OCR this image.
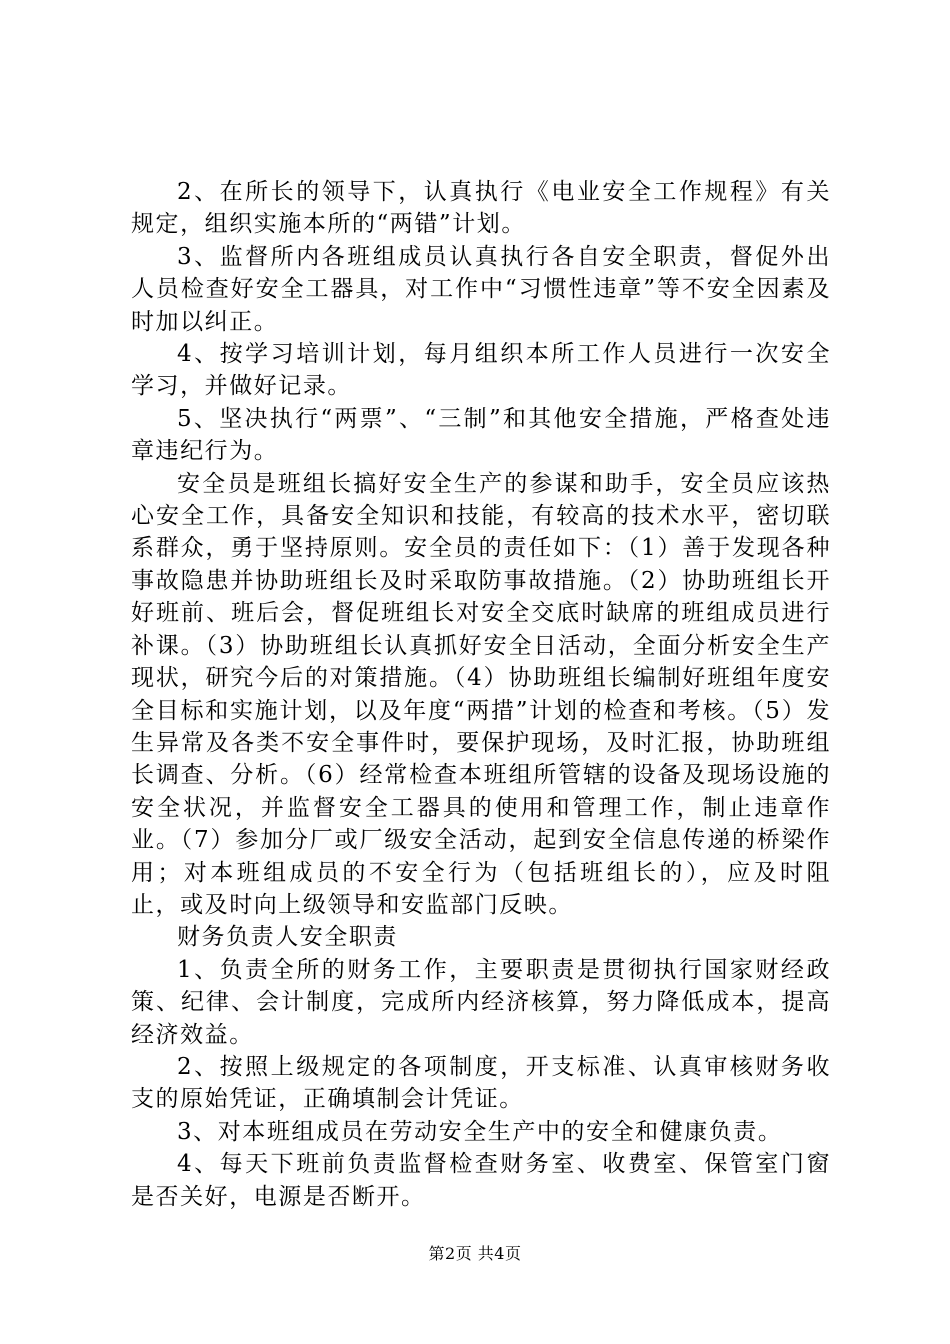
2、在所长的领导下，认真执行《电业安全工作规程》有关规定，组织实施本所的“两错”计划。

3、监督所内各班组成员认真执行各自安全职责，督促外出人员检查好安全工器具，对工作中“习惯性违章”等不安全因素及时加以纠正。

4、按学习培训计划，每月组织本所工作人员进行一次安全学习，并做好记录。

5、坚决执行“两票”、“三制”和其他安全措施，严格查处违章违纪行为。

安全员是班组长搞好安全生产的参谋和助手，安全员应该热心安全工作，具备安全知识和技能，有较高的技术水平，密切联系群众，勇于坚持原则。安全员的责任如下：（1）善于发现各种事故隐患并协助班组长及时采取防事故措施。（2）协助班组长开好班前、班后会，督促班组长对安全交底时缺席的班组成员进行补课。（3）协助班组长认真抓好安全日活动，全面分析安全生产现状，研究今后的对策措施。（4）协助班组长编制好班组年度安全目标和实施计划，以及年度“两措”计划的检查和考核。（5）发生异常及各类不安全事件时，要保护现场，及时汇报，协助班组长调查、分析。（6）经常检查本班组所管辖的设备及现场设施的安全状况，并监督安全工器具的使用和管理工作，制止违章作业。（7）参加分厂或厂级安全活动，起到安全信息传递的桥梁作用；对本班组成员的不安全行为（包括班组长的），应及时阻止，或及时向上级领导和安监部门反映。

财务负责人安全职责

1、负责全所的财务工作，主要职责是贯彻执行国家财经政策、纪律、会计制度，完成所内经济核算，努力降低成本，提高经济效益。

2、按照上级规定的各项制度，开支标准、认真审核财务收支的原始凭证，正确填制会计凭证。

3、对本班组成员在劳动安全生产中的安全和健康负责。

4、每天下班前负责监督检查财务室、收费室、保管室门窗是否关好，电源是否断开。

第2页 共4页
